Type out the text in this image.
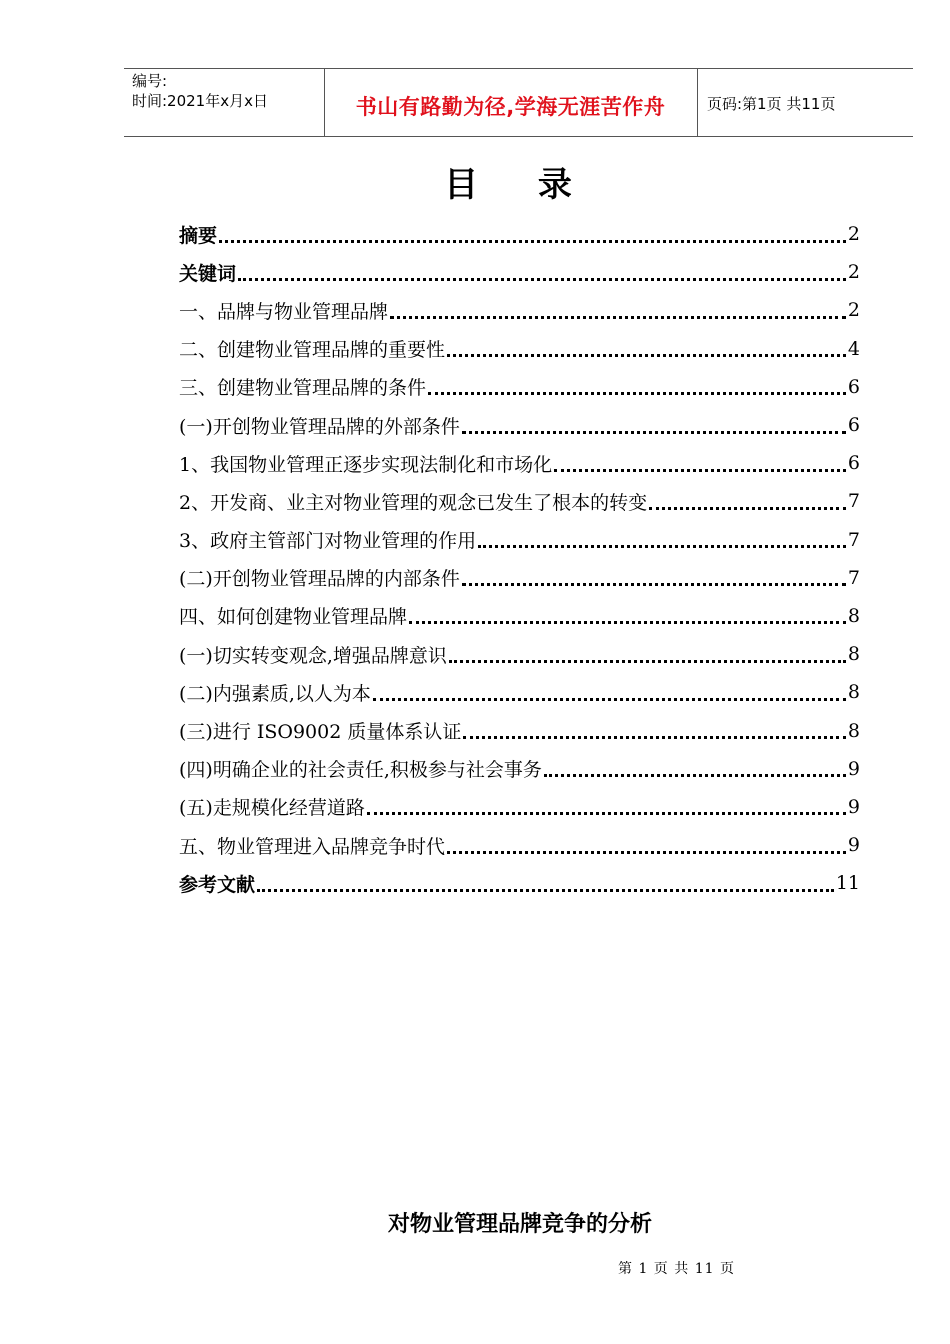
编号:
时间:2021年x月x日	书山有路勤为径,学海无涯苦作舟	页码:第1页 共11页
目 录
摘要	2
关键词	2
一、品牌与物业管理品牌	2
二、创建物业管理品牌的重要性	4
三、创建物业管理品牌的条件	6
(一)开创物业管理品牌的外部条件	6
1、我国物业管理正逐步实现法制化和市场化	6
2、开发商、业主对物业管理的观念已发生了根本的转变	7
3、政府主管部门对物业管理的作用	7
(二)开创物业管理品牌的内部条件	7
四、如何创建物业管理品牌	8
(一)切实转变观念,增强品牌意识	8
(二)内强素质,以人为本	8
(三)进行 ISO9002 质量体系认证	8
(四)明确企业的社会责任,积极参与社会事务	9
(五)走规模化经营道路	9
五、物业管理进入品牌竞争时代	9
参考文献	11
对物业管理品牌竞争的分析
第 1 页 共 11 页
